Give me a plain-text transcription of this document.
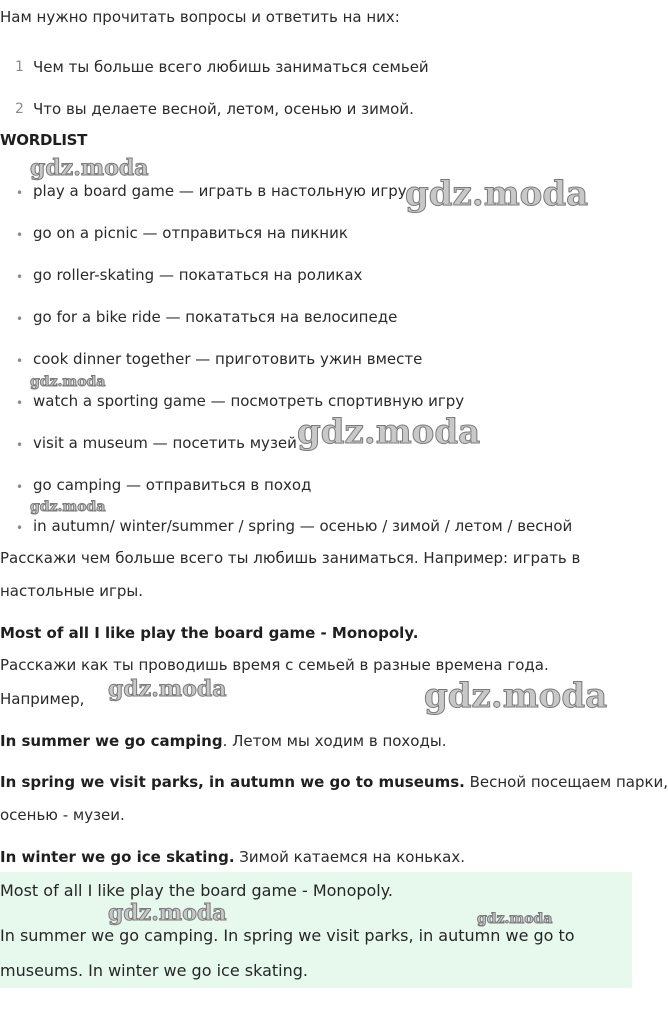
Нам нужно прочитать вопросы и ответить на них:
1 Чем ты больше всего любишь заниматься семьей
2 Что вы делаете весной, летом, осенью и зимой.
WORDLIST
• play a board game — играть в настольную игру
• go on a picnic — отправиться на пикник
• go roller-skating — покататься на роликах
• go for a bike ride — покататься на велосипеде
• cook dinner together — приготовить ужин вместе
• watch a sporting game — посмотреть спортивную игру
• visit a museum — посетить музей
• go camping — отправиться в поход
• in autumn/ winter/summer / spring — осенью / зимой / летом / весной
Расскажи чем больше всего ты любишь заниматься. Например: играть в
настольные игры.
Most of all I like play the board game - Monopoly.
Расскажи как ты проводишь время с семьей в разные времена года.
Например,
In summer we go camping. Летом мы ходим в походы.
In spring we visit parks, in autumn we go to museums. Весной посещаем парки,
осенью - музеи.
In winter we go ice skating. Зимой катаемся на коньках.
Most of all I like play the board game - Monopoly.
In summer we go camping. In spring we visit parks, in autumn we go to
museums. In winter we go ice skating.
gdz.moda
gdz.moda
gdz.moda
gdz.moda
gdz.moda
gdz.moda	gdz.moda
gdz.moda	gdz.moda
